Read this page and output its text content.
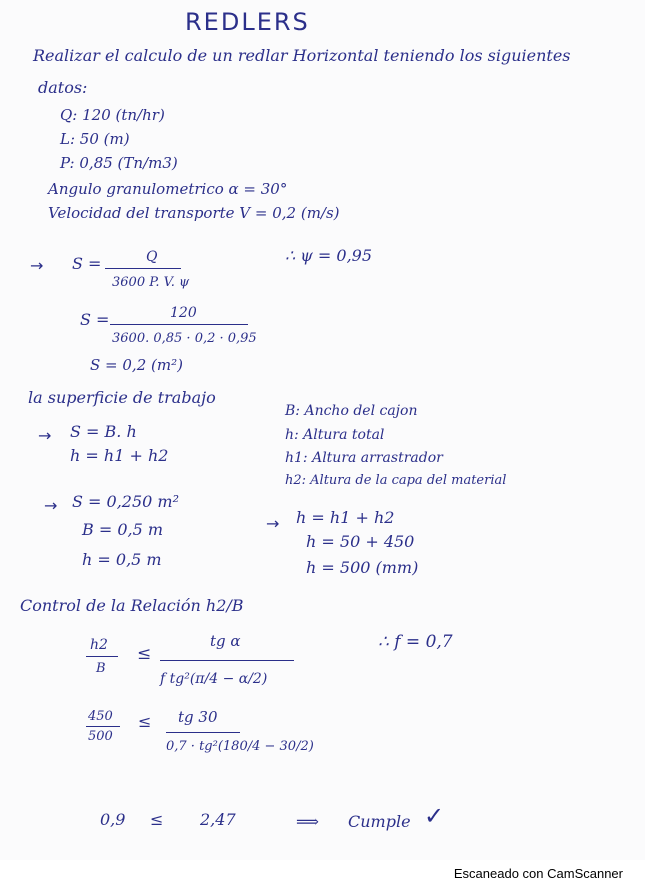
REDLERS
Realizar el calculo de un redlar Horizontal teniendo los siguientes
datos:
Q: 120 (tn/hr)
L: 50 (m)
P: 0,85 (Tn/m3)
Angulo granulometrico α = 30°
Velocidad del transporte V = 0,2 (m/s)
→ S =	Q
3600 P. V. ψ
∴ ψ = 0,95
S =	120
3600. 0,85 · 0,2 · 0,95
S = 0,2 (m²)
la superficie de trabajo
→ S = B. h
h = h1 + h2
B: Ancho del cajon
h: Altura total
h1: Altura arrastrador
h2: Altura de la capa del material
→ S = 0,250 m²
B = 0,5 m
h = 0,5 m
→ h = h1 + h2
h = 50 + 450
h = 500 (mm)
Control de la Relación h2/B
h2
B
≤
tg α
f tg²(π/4 − α/2)
∴ f = 0,7
450
500
≤ tg 30
0,7 · tg²(180/4 − 30/2)
0,9 ≤ 2,47	⟹ Cumple ✓
Escaneado con CamScanner
